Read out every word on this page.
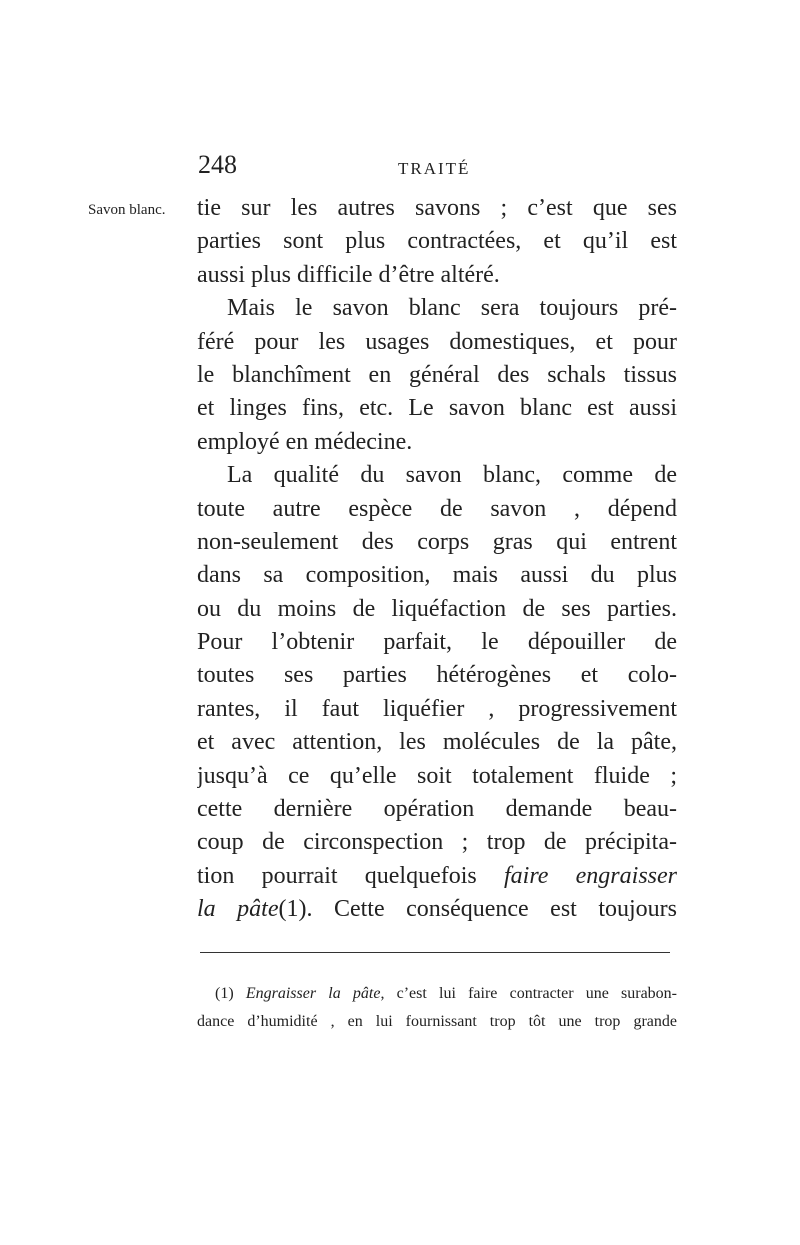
248	TRAITÉ
Savon blanc. tie sur les autres savons ; c’est que ses
parties sont plus contractées, et qu’il est
aussi plus difficile d’être altéré.
Mais le savon blanc sera toujours pré-
féré pour les usages domestiques, et pour
le blanchîment en général des schals tissus
et linges fins, etc. Le savon blanc est aussi
employé en médecine.
La qualité du savon blanc, comme de
toute autre espèce de savon , dépend
non-seulement des corps gras qui entrent
dans sa composition, mais aussi du plus
ou du moins de liquéfaction de ses parties.
Pour l’obtenir parfait, le dépouiller de
toutes ses parties hétérogènes et colo-
rantes, il faut liquéfier , progressivement
et avec attention, les molécules de la pâte,
jusqu’à ce qu’elle soit totalement fluide ;
cette dernière opération demande beau-
coup de circonspection ; trop de précipita-
tion pourrait quelquefois faire engraisser
la pâte(1). Cette conséquence est toujours
(1) Engraisser la pâte, c’est lui faire contracter une surabon-
dance d’humidité , en lui fournissant trop tôt une trop grande
